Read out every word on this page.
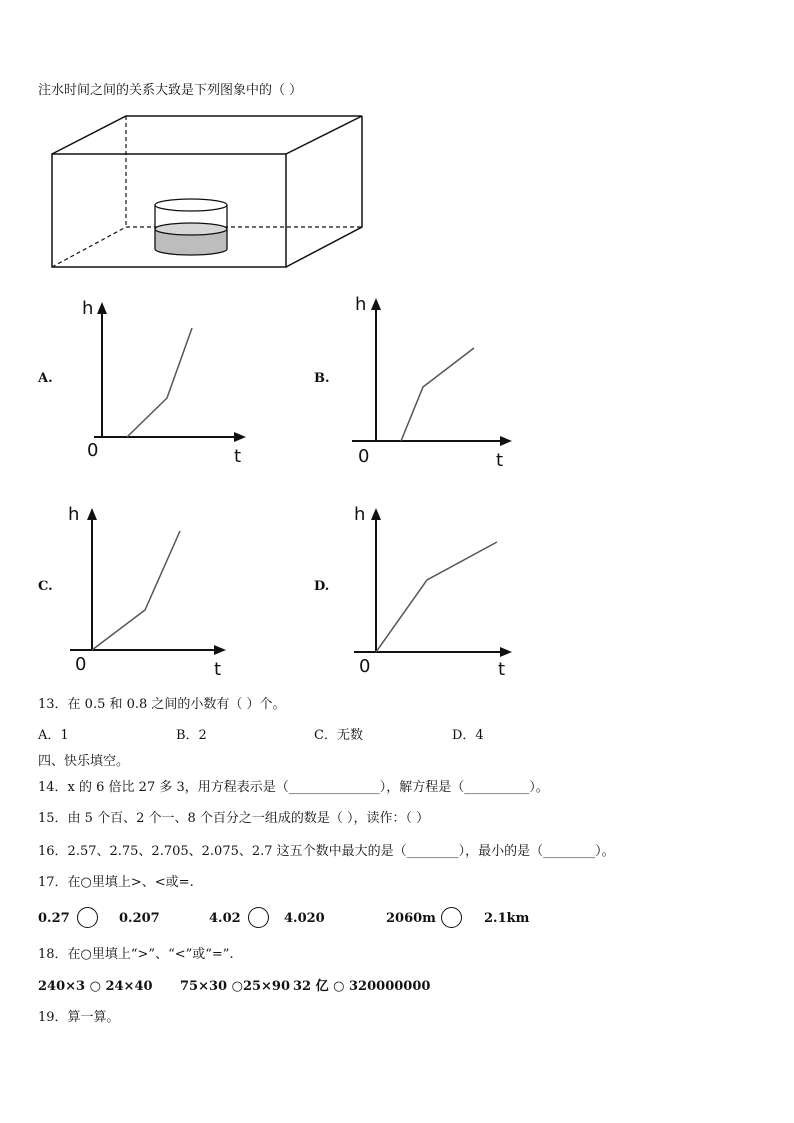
注水时间之间的关系大致是下列图象中的（ ）
A.
h
0	t
B.
h
0	t
C.
h
0	t
D.
h
0	t
13．在 0.5 和 0.8 之间的小数有（ ）个。
A．1	B．2	C．无数	D．4
四、快乐填空。
14．x 的 6 倍比 27 多 3，用方程表示是（______________），解方程是（__________）。
15．由 5 个百、2 个一、8 个百分之一组成的数是（ ），读作：（ ）
16．2.57、2.75、2.705、2.075、2.7 这五个数中最大的是（________），最小的是（________）。
17．在○里填上>、<或=.
0.27	0.207	4.02	4.020	2060m	2.1km
18．在○里填上“>”、“<”或“=”.
240×3 ○ 24×40 75×30 ○25×90 32 亿 ○ 320000000
19．算一算。
